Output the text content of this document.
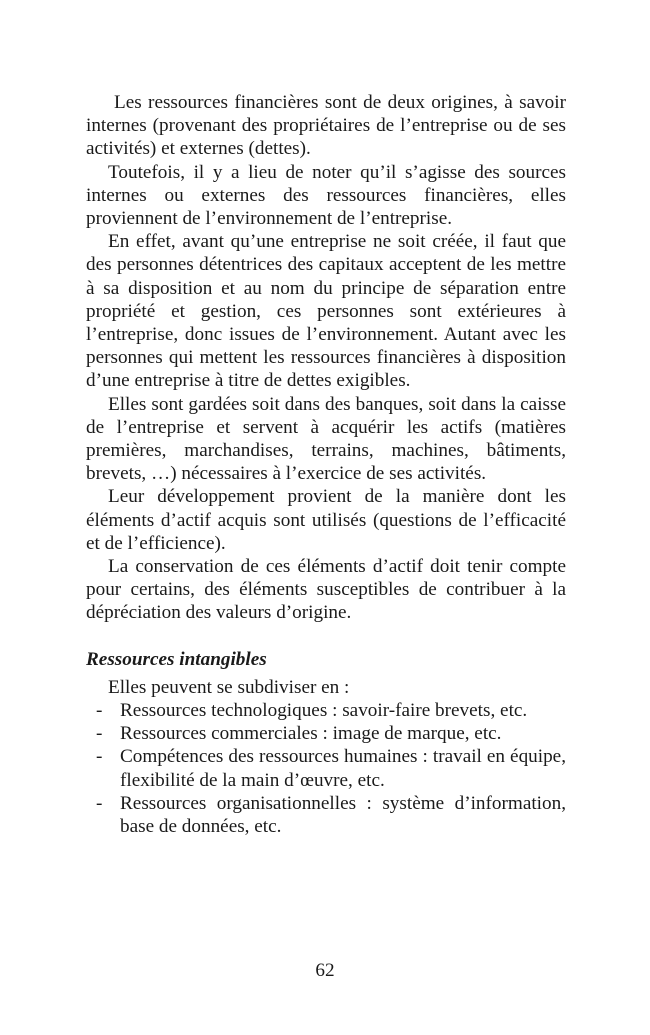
Les ressources financières sont de deux origines, à savoir internes (provenant des propriétaires de l’entreprise ou de ses activités) et externes (dettes).

Toutefois, il y a lieu de noter qu’il s’agisse des sources internes ou externes des ressources financières, elles proviennent de l’environnement de l’entreprise.

En effet, avant qu’une entreprise ne soit créée, il faut que des personnes détentrices des capitaux acceptent de les mettre à sa disposition et au nom du principe de séparation entre propriété et gestion, ces personnes sont extérieures à l’entreprise, donc issues de l’environnement. Autant avec les personnes qui mettent les ressources financières à disposition d’une entreprise à titre de dettes exigibles.

Elles sont gardées soit dans des banques, soit dans la caisse de l’entreprise et servent à acquérir les actifs (matières premières, marchandises, terrains, machines, bâtiments, brevets, …) nécessaires à l’exercice de ses activités.

Leur développement provient de la manière dont les éléments d’actif acquis sont utilisés (questions de l’efficacité et de l’efficience).

La conservation de ces éléments d’actif doit tenir compte pour certains, des éléments susceptibles de contribuer à la dépréciation des valeurs d’origine.

Ressources intangibles
Elles peuvent se subdiviser en :
- Ressources technologiques : savoir-faire brevets, etc.
- Ressources commerciales : image de marque, etc.
- Compétences des ressources humaines : travail en équipe, flexibilité de la main d’œuvre, etc.
- Ressources organisationnelles : système d’information, base de données, etc.
62
